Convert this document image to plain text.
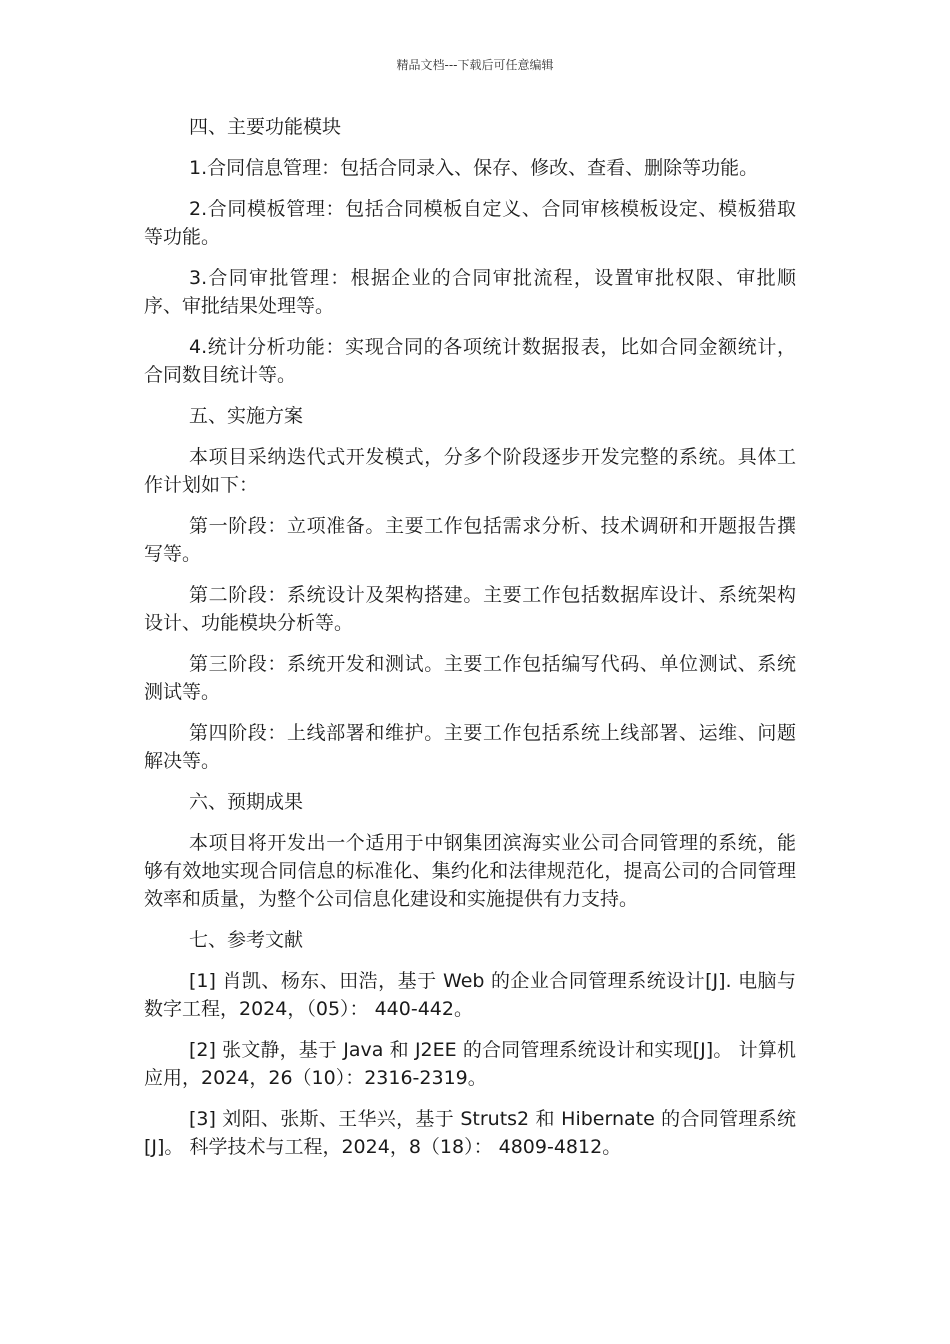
精品文档---下载后可任意编辑
四、主要功能模块

1.合同信息管理：包括合同录入、保存、修改、查看、删除等功能。

2.合同模板管理：包括合同模板自定义、合同审核模板设定、模板猎取等功能。

3.合同审批管理：根据企业的合同审批流程，设置审批权限、审批顺序、审批结果处理等。

4.统计分析功能：实现合同的各项统计数据报表，比如合同金额统计，合同数目统计等。

五、实施方案

本项目采纳迭代式开发模式，分多个阶段逐步开发完整的系统。具体工作计划如下：

第一阶段：立项准备。主要工作包括需求分析、技术调研和开题报告撰写等。

第二阶段：系统设计及架构搭建。主要工作包括数据库设计、系统架构设计、功能模块分析等。

第三阶段：系统开发和测试。主要工作包括编写代码、单位测试、系统测试等。

第四阶段：上线部署和维护。主要工作包括系统上线部署、运维、问题解决等。

六、预期成果

本项目将开发出一个适用于中钢集团滨海实业公司合同管理的系统，能够有效地实现合同信息的标准化、集约化和法律规范化，提高公司的合同管理效率和质量，为整个公司信息化建设和实施提供有力支持。

七、参考文献

[1] 肖凯、杨东、田浩，基于 Web 的企业合同管理系统设计[J]. 电脑与数字工程，2024，（05）： 440-442。

[2] 张文静，基于 Java 和 J2EE 的合同管理系统设计和实现[J]。 计算机应用，2024，26（10）：2316-2319。

[3] 刘阳、张斯、王华兴，基于 Struts2 和 Hibernate 的合同管理系统[J]。 科学技术与工程，2024，8（18）： 4809-4812。
